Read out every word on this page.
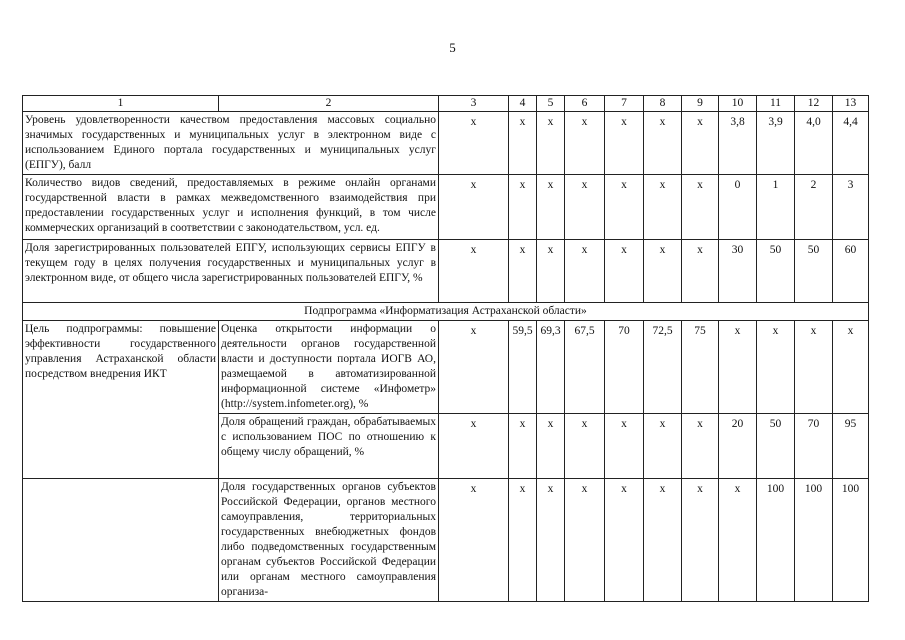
5
1	2	3	4	5	6	7	8	9	10	11	12	13
Уровень удовлетворенности качеством предоставления массовых социально значимых государственных и муниципальных услуг в электронном виде с использованием Единого портала государственных и муниципальных услуг (ЕПГУ), балл		x	x	x	x	x	x	x	3,8	3,9	4,0	4,4
Количество видов сведений, предоставляемых в режиме онлайн органами государственной власти в рамках межведомственного взаимодействия при предоставлении государственных услуг и исполнения функций, в том числе коммерческих организаций в соответствии с законодательством, усл. ед.		x	x	x	x	x	x	x	0	1	2	3
Доля зарегистрированных пользователей ЕПГУ, использующих сервисы ЕПГУ в текущем году в целях получения государственных и муниципальных услуг в электронном виде, от общего числа зарегистрированных пользователей ЕПГУ, %		x	x	x	x	x	x	x	30	50	50	60
Подпрограмма «Информатизация Астраханской области»												
Цель подпрограммы: повышение эффективности государственного управления Астраханской области посредством внедрения ИКТ	Оценка открытости информации о деятельности органов государственной власти и доступности портала ИОГВ АО, размещаемой в автоматизированной информационной системе «Инфометр» (http://system.infometer.org), %	x	59,5	69,3	67,5	70	72,5	75	x	x	x	x
	Доля обращений граждан, обрабатываемых с использованием ПОС по отношению к общему числу обращений, %	x	x	x	x	x	x	x	20	50	70	95
	Доля государственных органов субъектов Российской Федерации, органов местного самоуправления, территориальных государственных внебюджетных фондов либо подведомственных государственным органам субъектов Российской Федерации или органам местного самоуправления организа-	x	x	x	x	x	x	x	x	100	100	100
